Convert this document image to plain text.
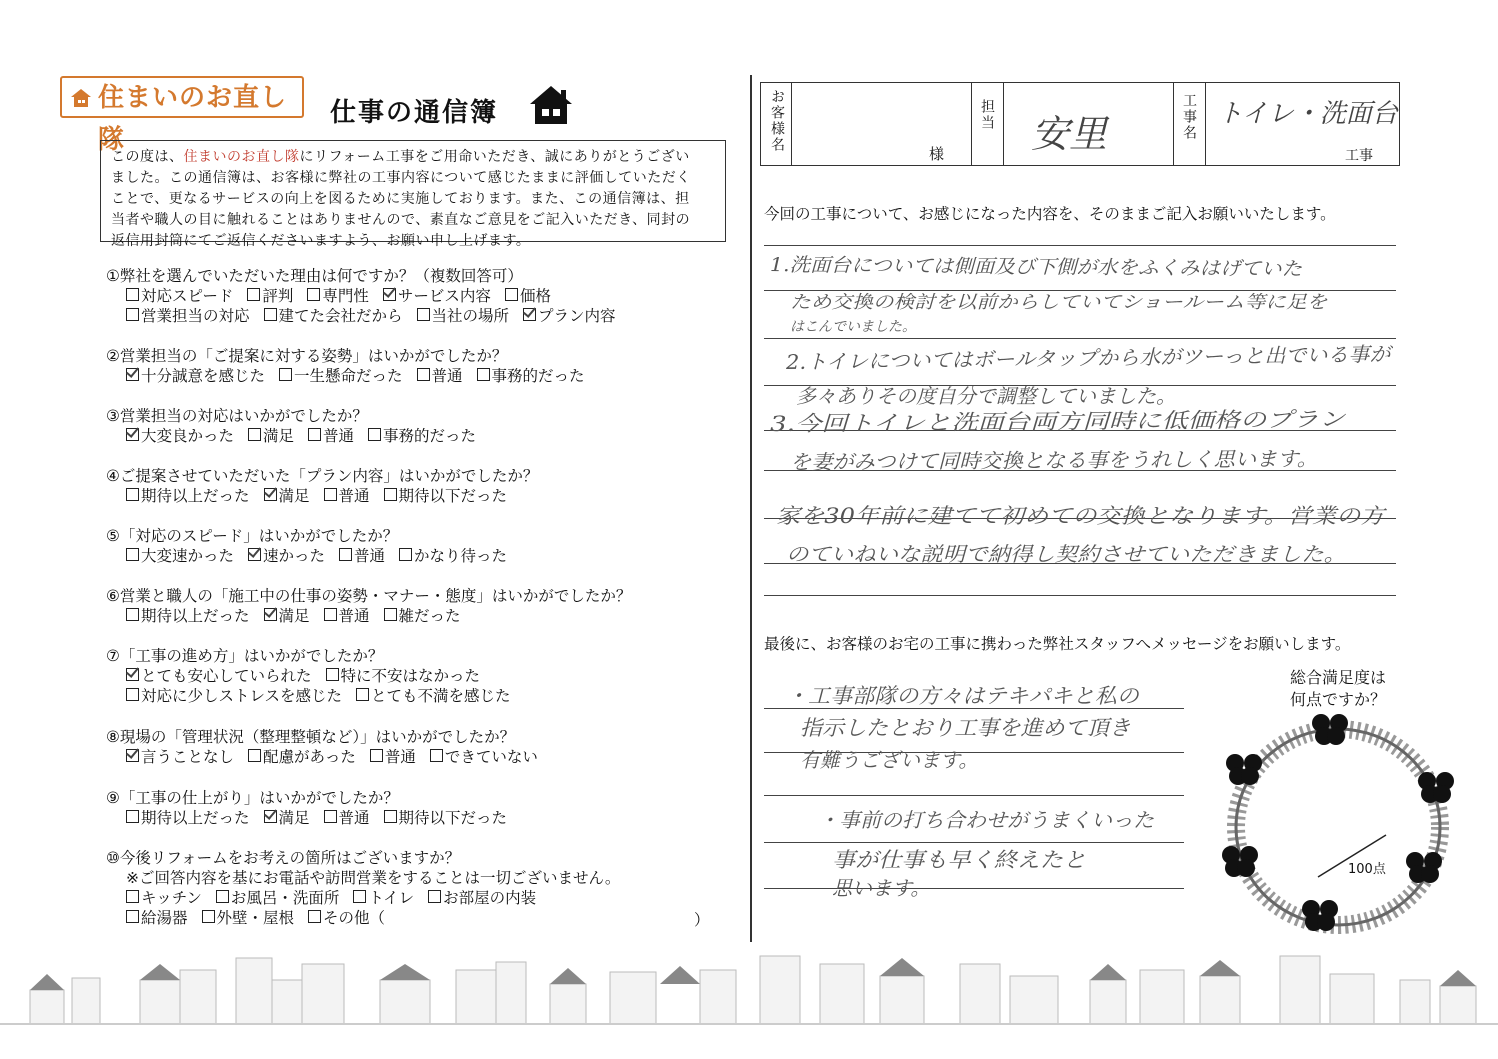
住まいのお直し隊
仕事の通信簿
この度は、住まいのお直し隊にリフォーム工事をご用命いただき、誠にありがとうござい
ました。この通信簿は、お客様に弊社の工事内容について感じたままに評価していただく
ことで、更なるサービスの向上を図るために実施しております。また、この通信簿は、担
当者や職人の目に触れることはありませんので、素直なご意見をご記入いただき、同封の
返信用封筒にてご返信くださいますよう、お願い申し上げます。
①弊社を選んでいただいた理由は何ですか？（複数回答可）
対応スピード 評判 専門性 サービス内容 価格
営業担当の対応 建てた会社だから 当社の場所 プラン内容
②営業担当の「ご提案に対する姿勢」はいかがでしたか？
十分誠意を感じた 一生懸命だった 普通 事務的だった
③営業担当の対応はいかがでしたか？
大変良かった 満足 普通 事務的だった
④ご提案させていただいた「プラン内容」はいかがでしたか？
期待以上だった 満足 普通 期待以下だった
⑤「対応のスピード」はいかがでしたか？
大変速かった 速かった 普通 かなり待った
⑥営業と職人の「施工中の仕事の姿勢・マナー・態度」はいかがでしたか？
期待以上だった 満足 普通 雑だった
⑦「工事の進め方」はいかがでしたか？
とても安心していられた 特に不安はなかった
対応に少しストレスを感じた とても不満を感じた
⑧現場の「管理状況（整理整頓など）」はいかがでしたか？
言うことなし 配慮があった 普通 できていない
⑨「工事の仕上がり」はいかがでしたか？
期待以上だった 満足 普通 期待以下だった
⑩今後リフォームをお考えの箇所はございますか？
※ご回答内容を基にお電話や訪問営業をすることは一切ございません。
キッチン お風呂・洗面所 トイレ お部屋の内装
給湯器 外壁・屋根 その他（	）
お客様名
様
担当 安里	工事名 トイレ・洗面台
工事
今回の工事について、お感じになった内容を、そのままご記入お願いいたします。
1.洗面台については側面及び下側が水をふくみはげていた
ため交換の検討を以前からしていてショールーム等に足を
はこんでいました。
2.トイレについてはボールタップから水がツーっと出でいる事が
多々ありその度自分で調整していました。
3.今回トイレと洗面台両方同時に低価格のプラン
を妻がみつけて同時交換となる事をうれしく思います。
家を30年前に建てて初めての交換となります。営業の方
のていねいな説明で納得し契約させていただきました。
最後に、お客様のお宅の工事に携わった弊社スタッフへメッセージをお願いします。
・工事部隊の方々はテキパキと私の
指示したとおり工事を進めて頂き
有難うございます。
・事前の打ち合わせがうまくいった
事が仕事も早く終えたと
思います。
総合満足度は
何点ですか？
100点
